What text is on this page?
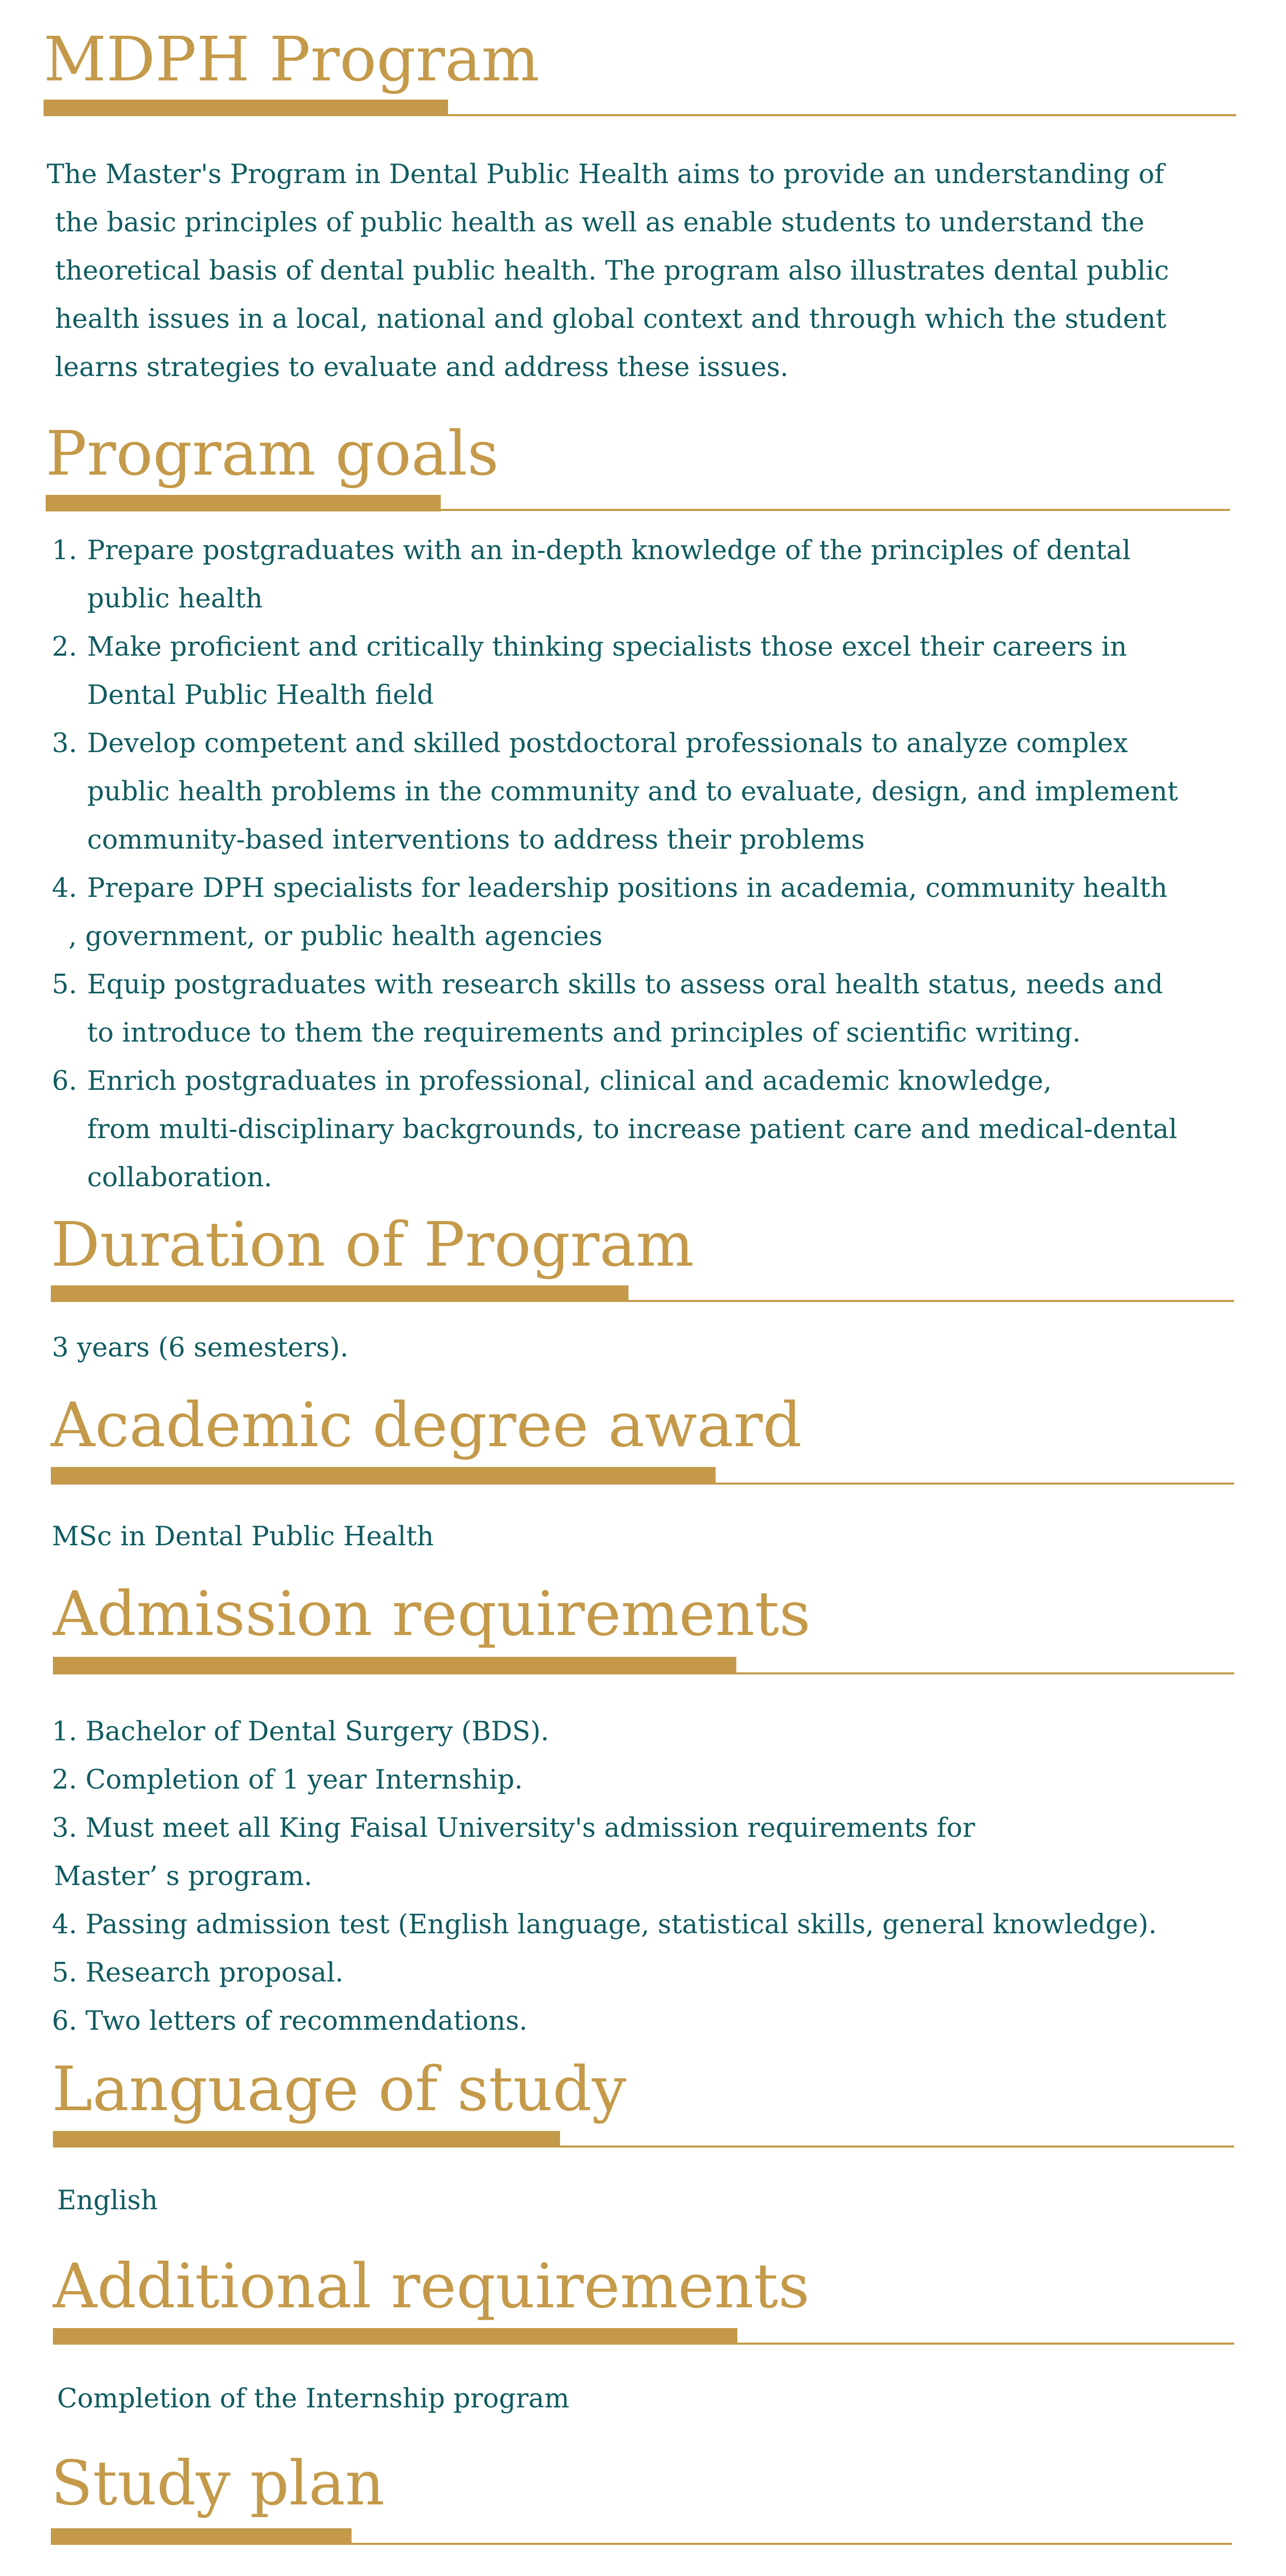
MDPH Program
The Master's Program in Dental Public Health aims to provide an understanding of
the basic principles of public health as well as enable students to understand the
theoretical basis of dental public health. The program also illustrates dental public
health issues in a local, national and global context and through which the student
learns strategies to evaluate and address these issues.
Program goals
1. Prepare postgraduates with an in-depth knowledge of the principles of dental
public health
2. Make proficient and critically thinking specialists those excel their careers in
Dental Public Health field
3. Develop competent and skilled postdoctoral professionals to analyze complex
public health problems in the community and to evaluate, design, and implement
community-based interventions to address their problems
4. Prepare DPH specialists for leadership positions in academia, community health
, government, or public health agencies
5. Equip postgraduates with research skills to assess oral health status, needs and
to introduce to them the requirements and principles of scientific writing.
6. Enrich postgraduates in professional, clinical and academic knowledge,
from multi-disciplinary backgrounds, to increase patient care and medical-dental
collaboration.
Duration of Program
3 years (6 semesters).
Academic degree award
MSc in Dental Public Health
Admission requirements
1. Bachelor of Dental Surgery (BDS).
2. Completion of 1 year Internship.
3. Must meet all King Faisal University's admission requirements for
Master’ s program.
4. Passing admission test (English language, statistical skills, general knowledge).
5. Research proposal.
6. Two letters of recommendations.
Language of study
English
Additional requirements
Completion of the Internship program
Study plan
